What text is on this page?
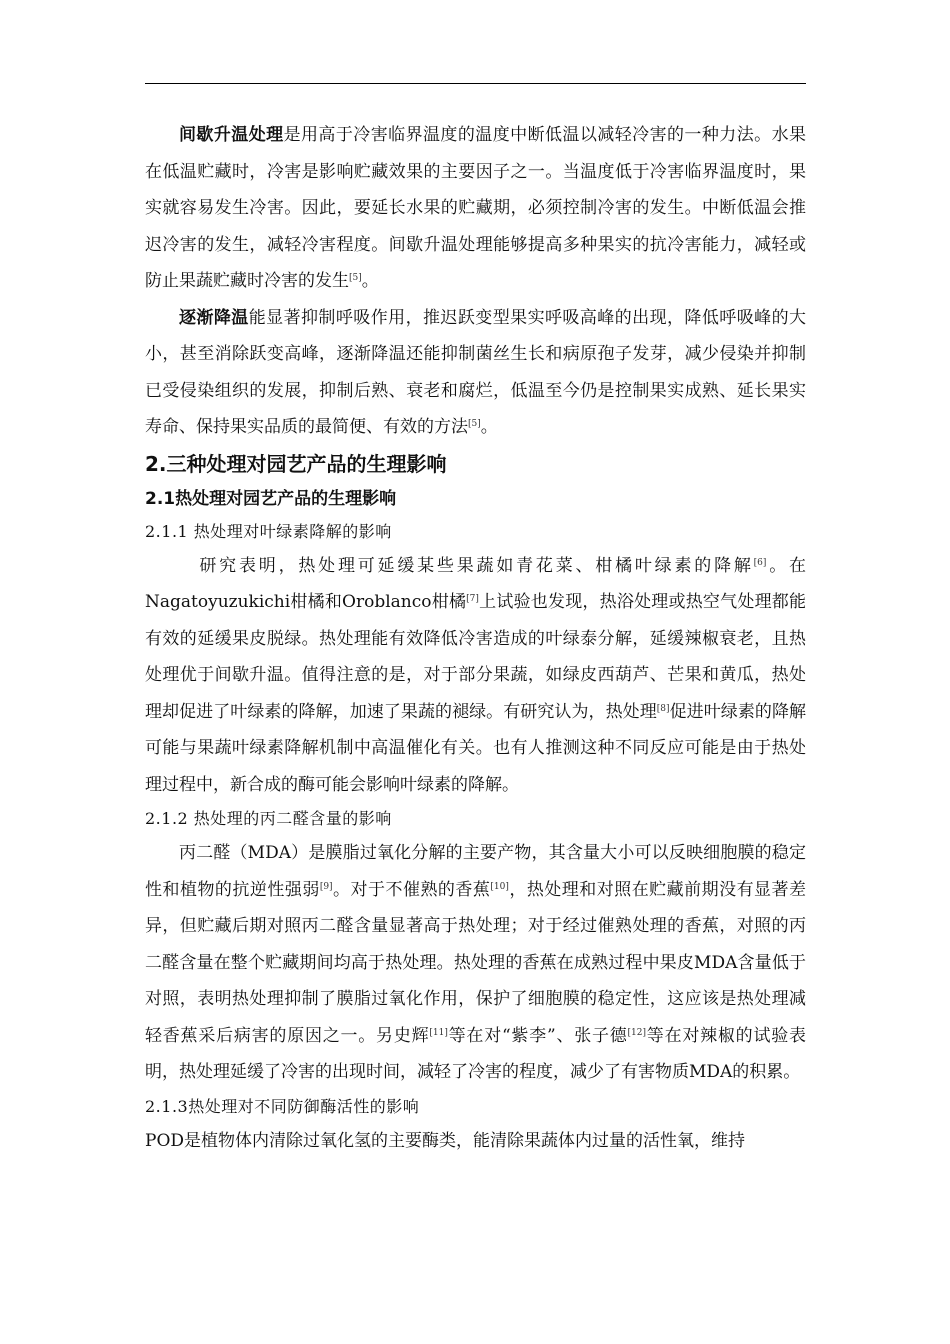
间歇升温处理是用高于冷害临界温度的温度中断低温以减轻冷害的一种力法。水果在低温贮藏时，冷害是影响贮藏效果的主要因子之一。当温度低于冷害临界温度时，果实就容易发生冷害。因此，要延长水果的贮藏期，必须控制冷害的发生。中断低温会推迟冷害的发生，减轻冷害程度。间歇升温处理能够提高多种果实的抗冷害能力，减轻或防止果蔬贮藏时冷害的发生[5]。

逐渐降温能显著抑制呼吸作用，推迟跃变型果实呼吸高峰的出现，降低呼吸峰的大小，甚至消除跃变高峰，逐渐降温还能抑制菌丝生长和病原孢子发芽，减少侵染并抑制已受侵染组织的发展，抑制后熟、衰老和腐烂，低温至今仍是控制果实成熟、延长果实寿命、保持果实品质的最简便、有效的方法[5]。

2.三种处理对园艺产品的生理影响
2.1热处理对园艺产品的生理影响
2.1.1 热处理对叶绿素降解的影响

研究表明，热处理可延缓某些果蔬如青花菜、柑橘叶绿素的降解[6]。在Nagatoyuzukichi柑橘和Oroblanco柑橘[7]上试验也发现，热浴处理或热空气处理都能有效的延缓果皮脱绿。热处理能有效降低冷害造成的叶绿泰分解，延缓辣椒衰老，且热处理优于间歇升温。值得注意的是，对于部分果蔬，如绿皮西葫芦、芒果和黄瓜，热处理却促进了叶绿素的降解，加速了果蔬的褪绿。有研究认为，热处理[8]促进叶绿素的降解可能与果蔬叶绿素降解机制中高温催化有关。也有人推测这种不同反应可能是由于热处理过程中，新合成的酶可能会影响叶绿素的降解。

2.1.2 热处理的丙二醛含量的影响

丙二醛（MDA）是膜脂过氧化分解的主要产物，其含量大小可以反映细胞膜的稳定性和植物的抗逆性强弱[9]。对于不催熟的香蕉[10]，热处理和对照在贮藏前期没有显著差异，但贮藏后期对照丙二醛含量显著高于热处理；对于经过催熟处理的香蕉，对照的丙二醛含量在整个贮藏期间均高于热处理。热处理的香蕉在成熟过程中果皮MDA含量低于对照，表明热处理抑制了膜脂过氧化作用，保护了细胞膜的稳定性，这应该是热处理减轻香蕉采后病害的原因之一。另史辉[11]等在对“紫李”、张子德[12]等在对辣椒的试验表明，热处理延缓了冷害的出现时间，减轻了冷害的程度，减少了有害物质MDA的积累。

2.1.3热处理对不同防御酶活性的影响

POD是植物体内清除过氧化氢的主要酶类，能清除果蔬体内过量的活性氧，维持
